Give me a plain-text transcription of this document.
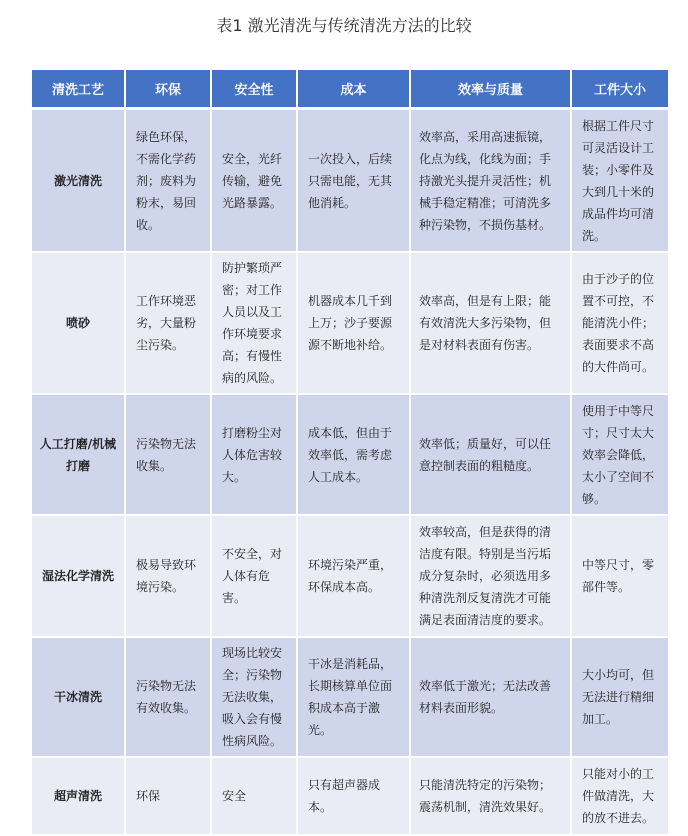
表1 激光清洗与传统清洗方法的比较
清洗工艺	环保	安全性	成本	效率与质量	工件大小
激光清洗	绿色环保，不需化学药剂；废料为粉末，易回收。	安全，光纤传输，避免光路暴露。	一次投入，后续只需电能，无其他消耗。	效率高，采用高速振镜，化点为线，化线为面；手持激光头提升灵活性；机械手稳定精准；可清洗多种污染物，不损伤基材。	根据工件尺寸可灵活设计工装；小零件及大到几十米的成品件均可清洗。
喷砂	工作环境恶劣，大量粉尘污染。	防护繁琐严密；对工作人员以及工作环境要求高；有慢性病的风险。	机器成本几千到上万；沙子要源源不断地补给。	效率高，但是有上限；能有效清洗大多污染物，但是对材料表面有伤害。	由于沙子的位置不可控，不能清洗小件；表面要求不高的大件尚可。
人工打磨/机械打磨	污染物无法收集。	打磨粉尘对人体危害较大。	成本低，但由于效率低，需考虑人工成本。	效率低；质量好，可以任意控制表面的粗糙度。	使用于中等尺寸；尺寸太大效率会降低，太小了空间不够。
湿法化学清洗	极易导致环境污染。	不安全，对人体有危害。	环境污染严重，环保成本高。	效率较高，但是获得的清洁度有限。特别是当污垢成分复杂时，必须选用多种清洗剂反复清洗才可能满足表面清洁度的要求。	中等尺寸，零部件等。
干冰清洗	污染物无法有效收集。	现场比较安全；污染物无法收集，吸入会有慢性病风险。	干冰是消耗品，长期核算单位面积成本高于激光。	效率低于激光；无法改善材料表面形貌。	大小均可，但无法进行精细加工。
超声清洗	环保	安全	只有超声器成本。	只能清洗特定的污染物；震荡机制，清洗效果好。	只能对小的工件做清洗，大的放不进去。
